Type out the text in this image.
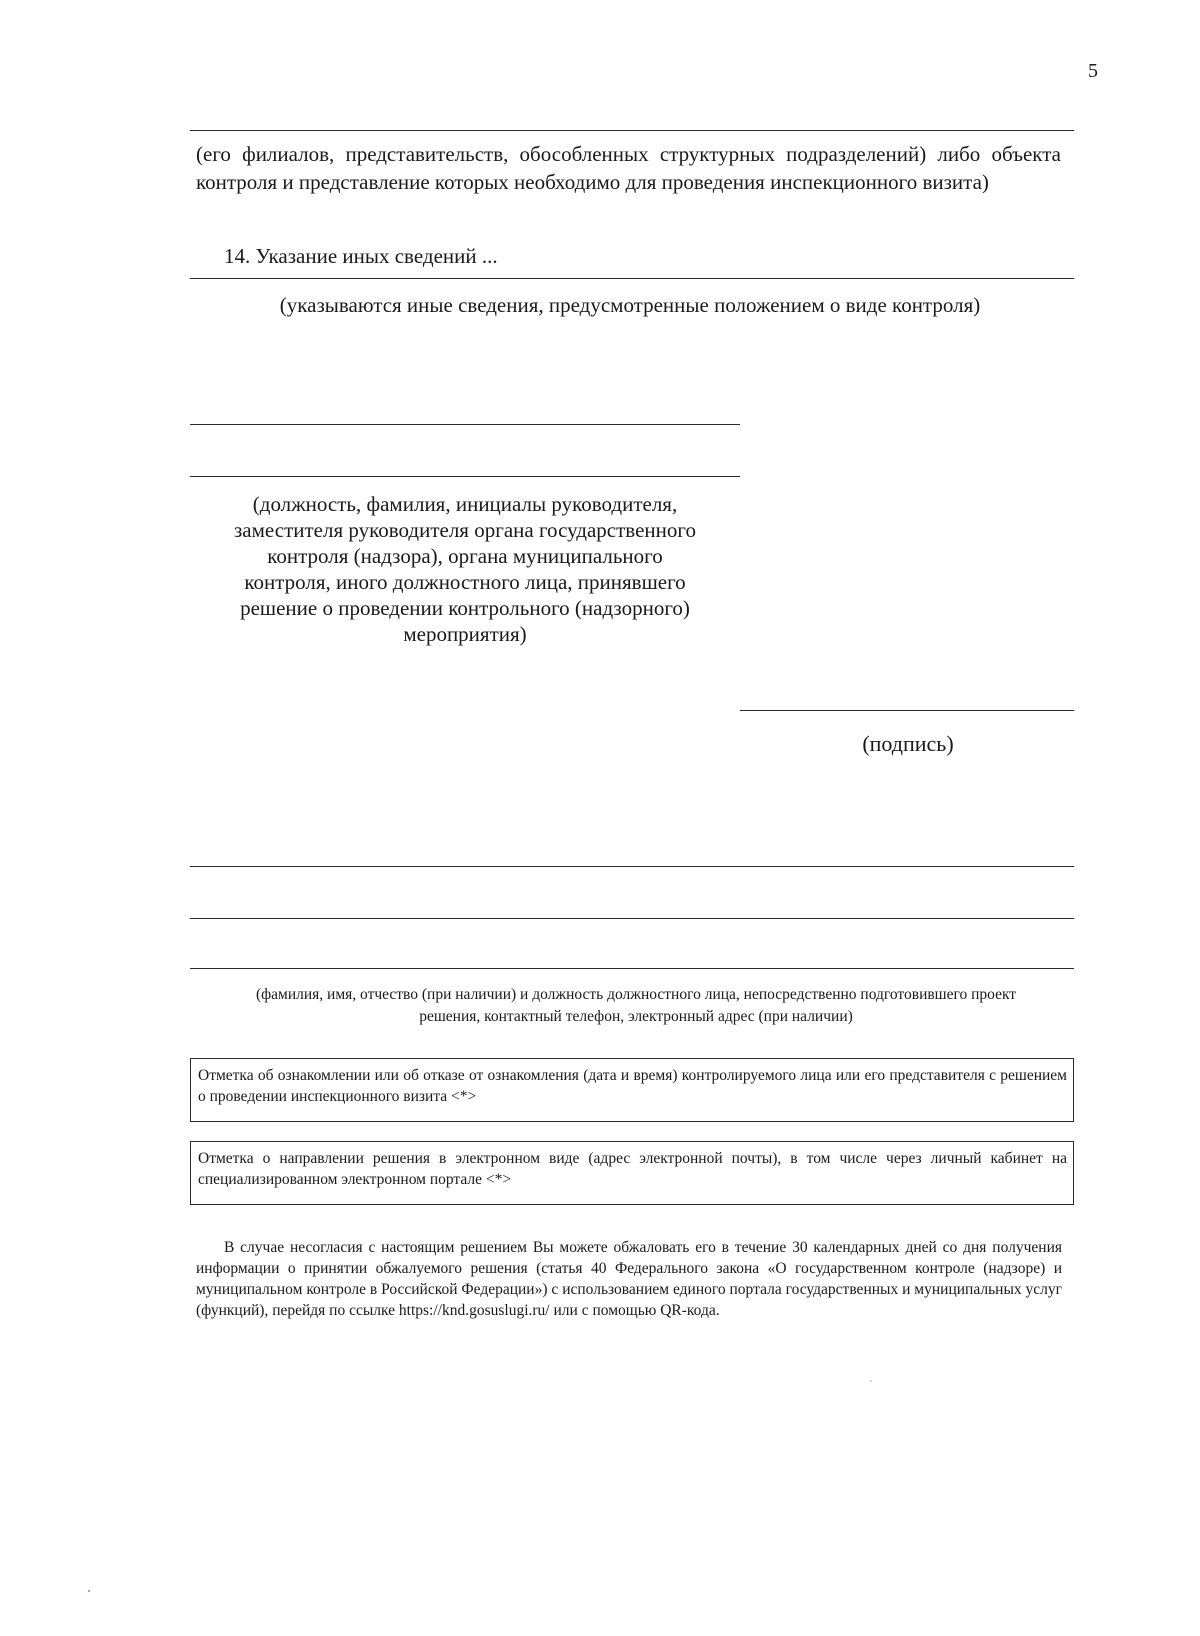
5
(его филиалов, представительств, обособленных структурных подразделений) либо объекта контроля и представление которых необходимо для проведения инспекционного визита)
14. Указание иных сведений ...
(указываются иные сведения, предусмотренные положением о виде контроля)
(должность, фамилия, инициалы руководителя,
заместителя руководителя органа государственного
контроля (надзора), органа муниципального
контроля, иного должностного лица, принявшего
решение о проведении контрольного (надзорного)
мероприятия)
(подпись)
(фамилия, имя, отчество (при наличии) и должность должностного лица, непосредственно подготовившего проект
решения, контактный телефон, электронный адрес (при наличии)
Отметка об ознакомлении или об отказе от ознакомления (дата и время) контролируемого лица или его представителя с решением о проведении инспекционного визита <*>
Отметка о направлении решения в электронном виде (адрес электронной почты), в том числе через личный кабинет на специализированном электронном портале <*>
В случае несогласия с настоящим решением Вы можете обжаловать его в течение 30 календарных дней со дня получения информации о принятии обжалуемого решения (статья 40 Федерального закона «О государственном контроле (надзоре) и муниципальном контроле в Российской Федерации») с использованием единого портала государственных и муниципальных услуг (функций), перейдя по ссылке https://knd.gosuslugi.ru/ или с помощью QR-кода.
